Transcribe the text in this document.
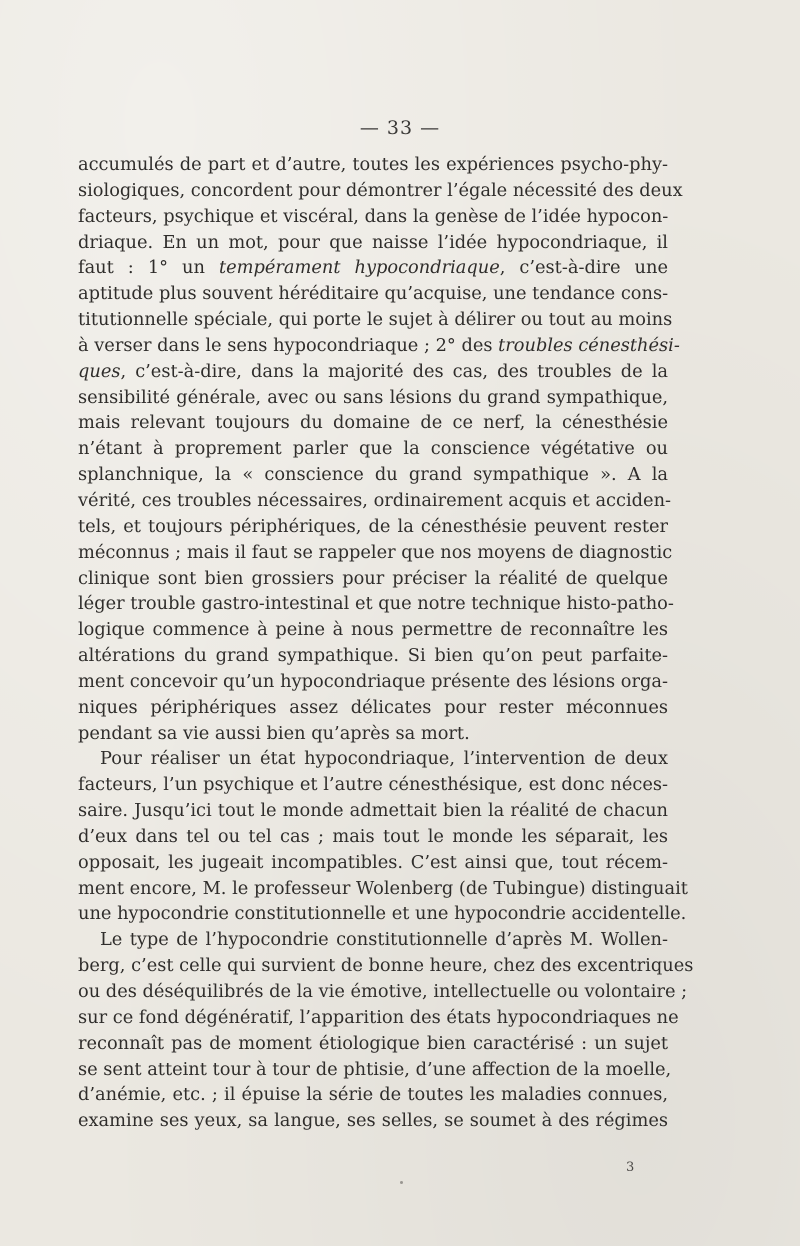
— 33 —
accumulés de part et d’autre, toutes les expériences psycho-phy-
siologiques, concordent pour démontrer l’égale nécessité des deux
facteurs, psychique et viscéral, dans la genèse de l’idée hypocon-
driaque. En un mot, pour que naisse l’idée hypocondriaque, il
faut : 1° un tempérament hypocondriaque, c’est-à-dire une
aptitude plus souvent héréditaire qu’acquise, une tendance cons-
titutionnelle spéciale, qui porte le sujet à délirer ou tout au moins
à verser dans le sens hypocondriaque ; 2° des troubles cénesthési-
ques, c’est-à-dire, dans la majorité des cas, des troubles de la
sensibilité générale, avec ou sans lésions du grand sympathique,
mais relevant toujours du domaine de ce nerf, la cénesthésie
n’étant à proprement parler que la conscience végétative ou
splanchnique, la « conscience du grand sympathique ». A la
vérité, ces troubles nécessaires, ordinairement acquis et acciden-
tels, et toujours périphériques, de la cénesthésie peuvent rester
méconnus ; mais il faut se rappeler que nos moyens de diagnostic
clinique sont bien grossiers pour préciser la réalité de quelque
léger trouble gastro-intestinal et que notre technique histo-patho-
logique commence à peine à nous permettre de reconnaître les
altérations du grand sympathique. Si bien qu’on peut parfaite-
ment concevoir qu’un hypocondriaque présente des lésions orga-
niques périphériques assez délicates pour rester méconnues
pendant sa vie aussi bien qu’après sa mort.
Pour réaliser un état hypocondriaque, l’intervention de deux
facteurs, l’un psychique et l’autre cénesthésique, est donc néces-
saire. Jusqu’ici tout le monde admettait bien la réalité de chacun
d’eux dans tel ou tel cas ; mais tout le monde les séparait, les
opposait, les jugeait incompatibles. C’est ainsi que, tout récem-
ment encore, M. le professeur Wolenberg (de Tubingue) distinguait
une hypocondrie constitutionnelle et une hypocondrie accidentelle.
Le type de l’hypocondrie constitutionnelle d’après M. Wollen-
berg, c’est celle qui survient de bonne heure, chez des excentriques
ou des déséquilibrés de la vie émotive, intellectuelle ou volontaire ;
sur ce fond dégénératif, l’apparition des états hypocondriaques ne
reconnaît pas de moment étiologique bien caractérisé : un sujet
se sent atteint tour à tour de phtisie, d’une affection de la moelle,
d’anémie, etc. ; il épuise la série de toutes les maladies connues,
examine ses yeux, sa langue, ses selles, se soumet à des régimes
3
